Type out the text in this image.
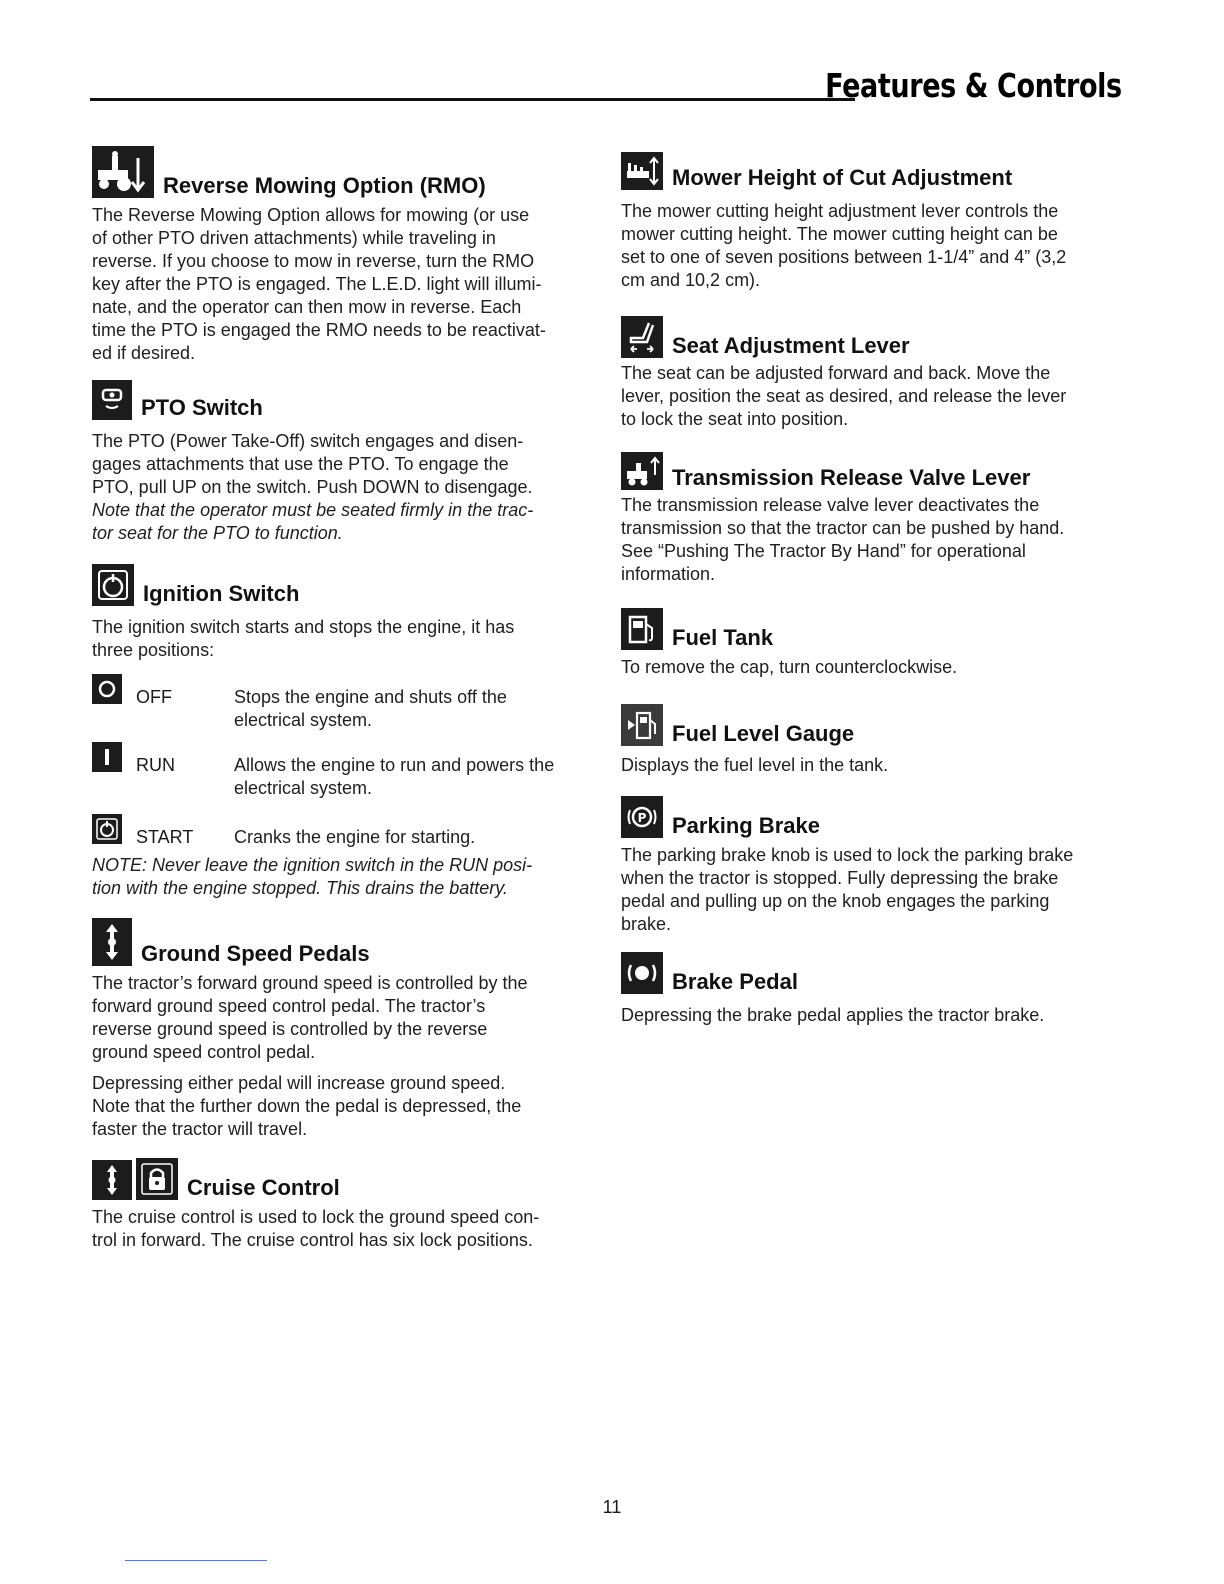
Features & Controls
Reverse Mowing Option (RMO)

The Reverse Mowing Option allows for mowing (or use

of other PTO driven attachments) while traveling in

reverse. If you choose to mow in reverse, turn the RMO

key after the PTO is engaged. The L.E.D. light will illumi-

nate, and the operator can then mow in reverse. Each

time the PTO is engaged the RMO needs to be reactivat-

ed if desired.

PTO Switch

The PTO (Power Take-Off) switch engages and disen-

gages attachments that use the PTO. To engage the

PTO, pull UP on the switch. Push DOWN to disengage.

Note that the operator must be seated firmly in the trac-

tor seat for the PTO to function.

Ignition Switch

The ignition switch starts and stops the engine, it has

three positions:

OFF	Stops the engine and shuts off the

electrical system.

RUN	Allows the engine to run and powers the

electrical system.

START Cranks the engine for starting.

NOTE: Never leave the ignition switch in the RUN posi-

tion with the engine stopped. This drains the battery.

Ground Speed Pedals

The tractor’s forward ground speed is controlled by the

forward ground speed control pedal. The tractor’s

reverse ground speed is controlled by the reverse

ground speed control pedal.

Depressing either pedal will increase ground speed.

Note that the further down the pedal is depressed, the

faster the tractor will travel.

Cruise Control

The cruise control is used to lock the ground speed con-

trol in forward. The cruise control has six lock positions.

Mower Height of Cut Adjustment

The mower cutting height adjustment lever controls the

mower cutting height. The mower cutting height can be

set to one of seven positions between 1-1/4” and 4” (3,2

cm and 10,2 cm).

Seat Adjustment Lever

The seat can be adjusted forward and back. Move the

lever, position the seat as desired, and release the lever

to lock the seat into position.

Transmission Release Valve Lever

The transmission release valve lever deactivates the

transmission so that the tractor can be pushed by hand.

See “Pushing The Tractor By Hand” for operational

information.

Fuel Tank

To remove the cap, turn counterclockwise.

Fuel Level Gauge

Displays the fuel level in the tank.

P Parking Brake

The parking brake knob is used to lock the parking brake

when the tractor is stopped. Fully depressing the brake

pedal and pulling up on the knob engages the parking

brake.

Brake Pedal

Depressing the brake pedal applies the tractor brake.

11
